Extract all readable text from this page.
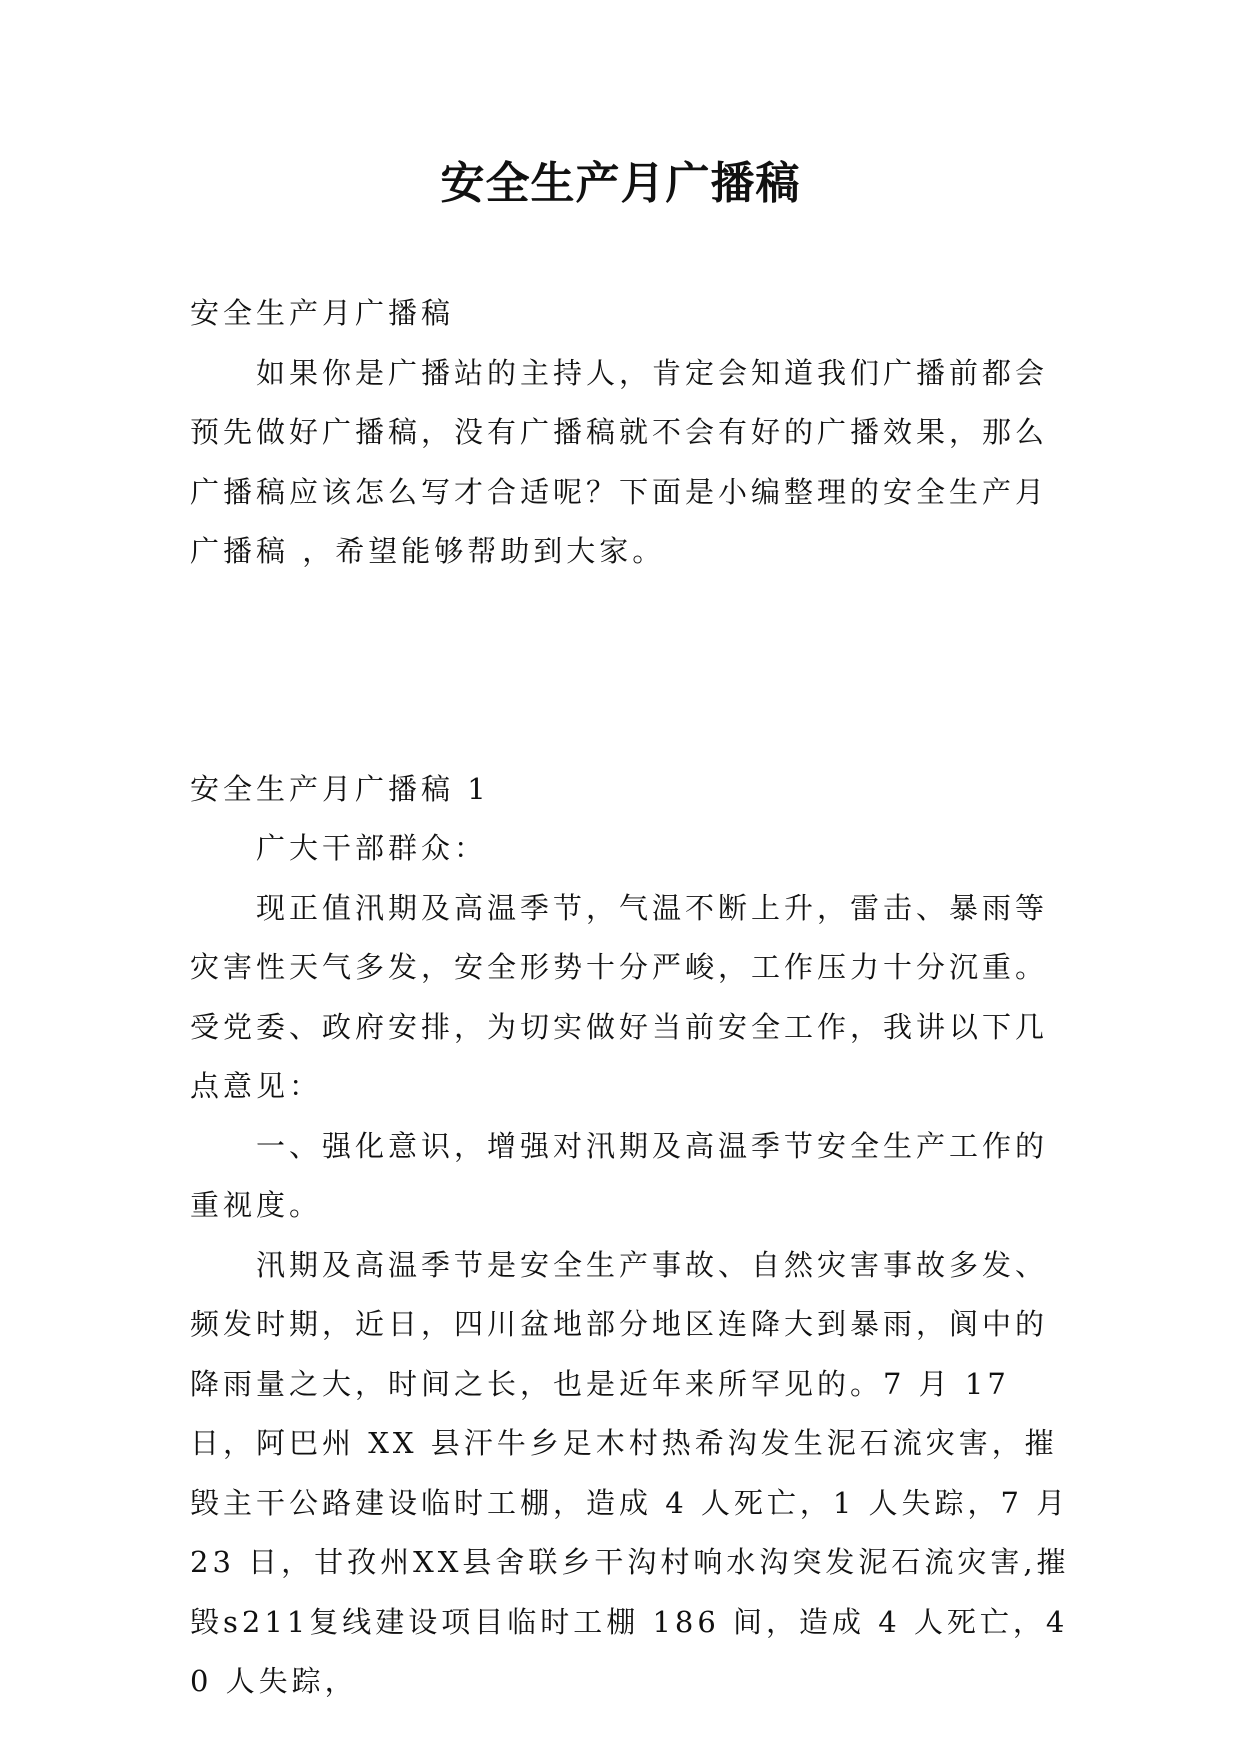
安全生产月广播稿

安全生产月广播稿

如果你是广播站的主持人，肯定会知道我们广播前都会预先做好广播稿，没有广播稿就不会有好的广播效果，那么广播稿应该怎么写才合适呢？下面是小编整理的安全生产月广播稿 ，希望能够帮助到大家。

安全生产月广播稿 1

广大干部群众：

现正值汛期及高温季节，气温不断上升，雷击、暴雨等灾害性天气多发，安全形势十分严峻，工作压力十分沉重。受党委、政府安排，为切实做好当前安全工作，我讲以下几点意见：

一、强化意识，增强对汛期及高温季节安全生产工作的重视度。

汛期及高温季节是安全生产事故、自然灾害事故多发、频发时期，近日，四川盆地部分地区连降大到暴雨，阆中的降雨量之大，时间之长，也是近年来所罕见的。7 月 17 日，阿巴州 XX 县汗牛乡足木村热希沟发生泥石流灾害，摧毁主干公路建设临时工棚，造成 4 人死亡，1 人失踪，7 月 23 日，甘孜州XX县舍联乡干沟村响水沟突发泥石流灾害,摧毁s211复线建设项目临时工棚 186 间，造成 4 人死亡，40 人失踪，
